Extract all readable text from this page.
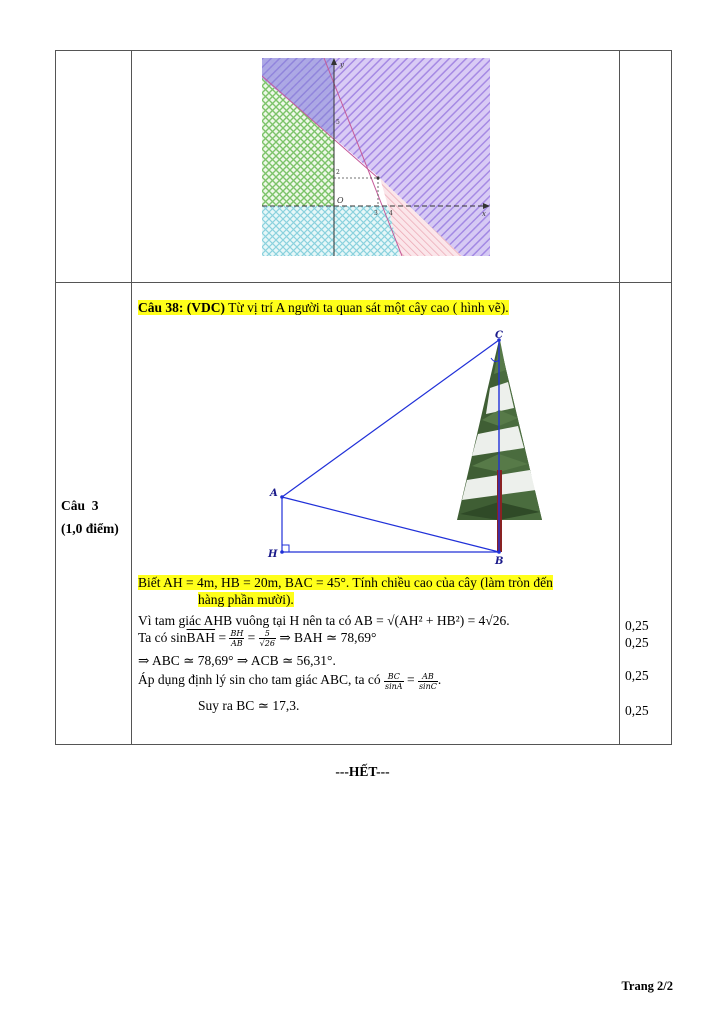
y
x
O
5
2
3 4
Câu  3
(1,0 điểm)
Câu 38: (VDC) Từ vị trí A người ta quan sát một cây cao ( hình vẽ).
A
B
C
H
Biết AH = 4m, HB = 20m, BAC = 45°. Tính chiều cao của cây (làm tròn đến
hàng phần mười).
Vì tam giác AHB vuông tại H nên ta có AB = √(AH² + HB²) = 4√26.
Ta có $\sin\overline{BAH} = \frac{BH}{AB} = \frac{5}{√26}$ ⇒ BAH ≃ 78,69°
⇒ ABC ≃ 78,69° ⇒ ACB ≃ 56,31°.
Áp dụng định lý sin cho tam giác ABC, ta có $\frac{BC}{\sin A} = \frac{AB}{\sin C}$ .
Suy ra BC ≃ 17,3.
0,25
0,25
0,25
0,25
---HẾT---
Trang 2/2
